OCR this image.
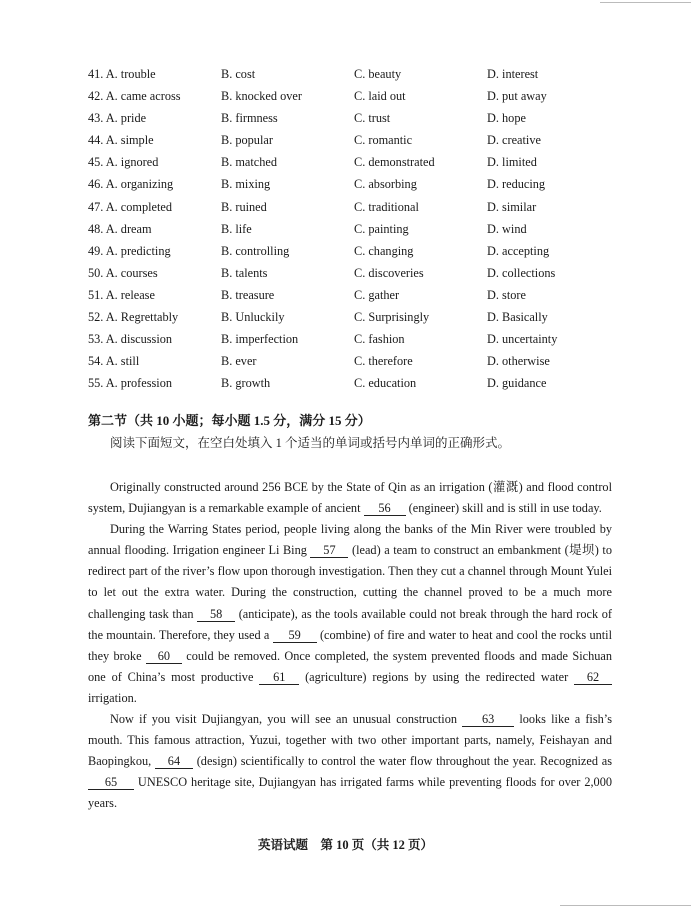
41. A. trouble	B. cost	C. beauty	D. interest
42. A. came across	B. knocked over	C. laid out	D. put away
43. A. pride	B. firmness	C. trust	D. hope
44. A. simple	B. popular	C. romantic	D. creative
45. A. ignored	B. matched	C. demonstrated	D. limited
46. A. organizing	B. mixing	C. absorbing	D. reducing
47. A. completed	B. ruined	C. traditional	D. similar
48. A. dream	B. life	C. painting	D. wind
49. A. predicting	B. controlling	C. changing	D. accepting
50. A. courses	B. talents	C. discoveries	D. collections
51. A. release	B. treasure	C. gather	D. store
52. A. Regrettably	B. Unluckily	C. Surprisingly	D. Basically
53. A. discussion	B. imperfection	C. fashion	D. uncertainty
54. A. still	B. ever	C. therefore	D. otherwise
55. A. profession	B. growth	C. education	D. guidance
第二节（共 10 小题；每小题 1.5 分，满分 15 分）
阅读下面短文，在空白处填入 1 个适当的单词或括号内单词的正确形式。

Originally constructed around 256 BCE by the State of Qin as an irrigation (灌溉) and flood control system, Dujiangyan is a remarkable example of ancient 56 (engineer) skill and is still in use today.

During the Warring States period, people living along the banks of the Min River were troubled by annual flooding. Irrigation engineer Li Bing 57 (lead) a team to construct an embankment (堤坝) to redirect part of the river’s flow upon thorough investigation. Then they cut a channel through Mount Yulei to let out the extra water. During the construction, cutting the channel proved to be a much more challenging task than 58 (anticipate), as the tools available could not break through the hard rock of the mountain. Therefore, they used a 59 (combine) of fire and water to heat and cool the rocks until they broke 60 could be removed. Once completed, the system prevented floods and made Sichuan one of China’s most productive 61 (agriculture) regions by using the redirected water 62 irrigation.

Now if you visit Dujiangyan, you will see an unusual construction 63 looks like a fish’s mouth. This famous attraction, Yuzui, together with two other important parts, namely, Feishayan and Baopingkou, 64 (design) scientifically to control the water flow throughout the year. Recognized as 65 UNESCO heritage site, Dujiangyan has irrigated farms while preventing floods for over 2,000 years.

英语试题　第 10 页（共 12 页）
